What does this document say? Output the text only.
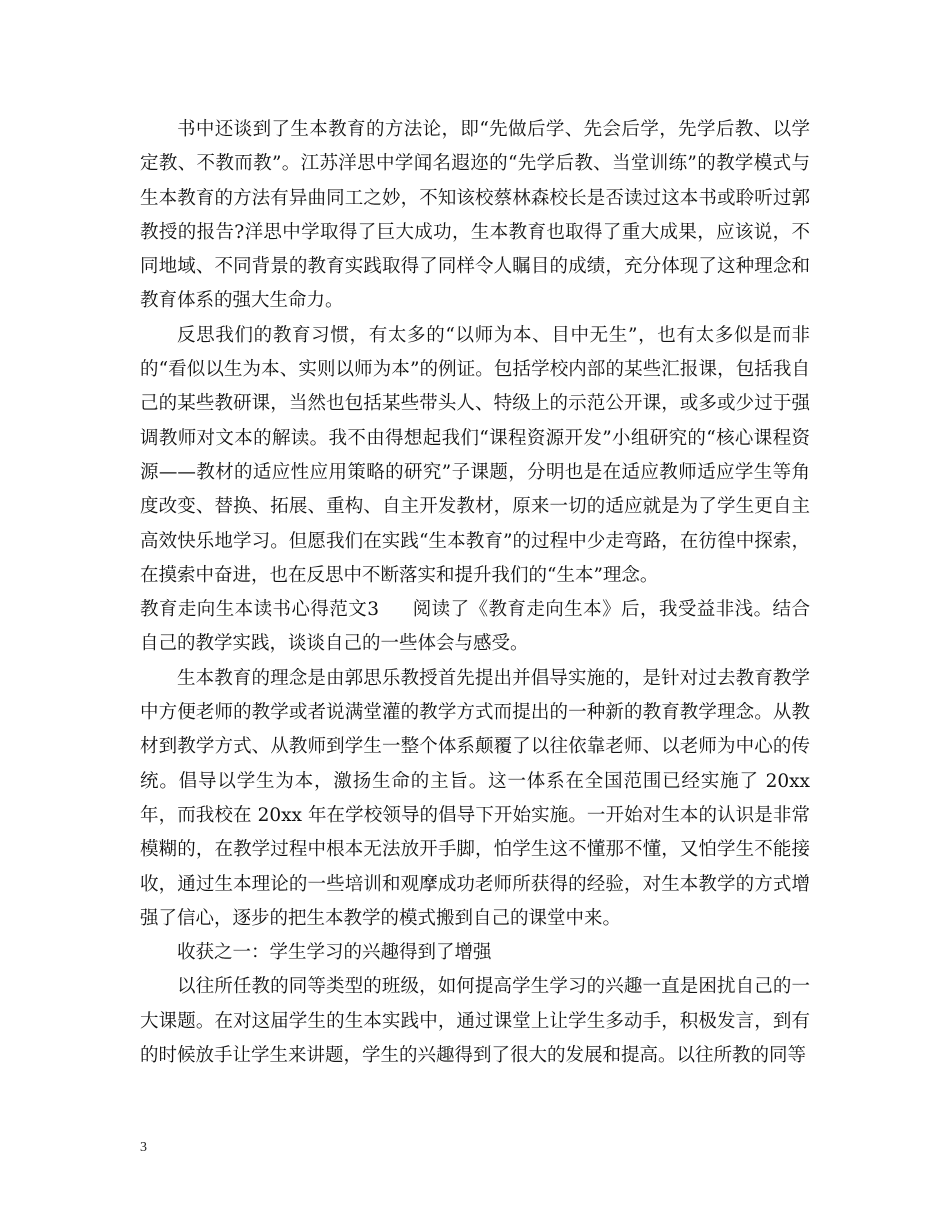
书中还谈到了生本教育的方法论，即“先做后学、先会后学，先学后教、以学定教、不教而教”。江苏洋思中学闻名遐迩的“先学后教、当堂训练”的教学模式与生本教育的方法有异曲同工之妙，不知该校蔡林森校长是否读过这本书或聆听过郭教授的报告?洋思中学取得了巨大成功，生本教育也取得了重大成果，应该说，不同地域、不同背景的教育实践取得了同样令人瞩目的成绩，充分体现了这种理念和教育体系的强大生命力。

反思我们的教育习惯，有太多的“以师为本、目中无生”，也有太多似是而非的“看似以生为本、实则以师为本”的例证。包括学校内部的某些汇报课，包括我自己的某些教研课，当然也包括某些带头人、特级上的示范公开课，或多或少过于强调教师对文本的解读。我不由得想起我们“课程资源开发”小组研究的“核心课程资源——教材的适应性应用策略的研究”子课题，分明也是在适应教师适应学生等角度改变、替换、拓展、重构、自主开发教材，原来一切的适应就是为了学生更自主高效快乐地学习。但愿我们在实践“生本教育”的过程中少走弯路，在彷徨中探索，在摸索中奋进，也在反思中不断落实和提升我们的“生本”理念。

教育走向生本读书心得范文3 阅读了《教育走向生本》后，我受益非浅。结合自己的教学实践，谈谈自己的一些体会与感受。

生本教育的理念是由郭思乐教授首先提出并倡导实施的，是针对过去教育教学中方便老师的教学或者说满堂灌的教学方式而提出的一种新的教育教学理念。从教材到教学方式、从教师到学生一整个体系颠覆了以往依靠老师、以老师为中心的传统。倡导以学生为本，激扬生命的主旨。这一体系在全国范围已经实施了 20xx 年，而我校在 20xx 年在学校领导的倡导下开始实施。一开始对生本的认识是非常模糊的，在教学过程中根本无法放开手脚，怕学生这不懂那不懂，又怕学生不能接收，通过生本理论的一些培训和观摩成功老师所获得的经验，对生本教学的方式增强了信心，逐步的把生本教学的模式搬到自己的课堂中来。

收获之一：学生学习的兴趣得到了增强

以往所任教的同等类型的班级，如何提高学生学习的兴趣一直是困扰自己的一大课题。在对这届学生的生本实践中，通过课堂上让学生多动手，积极发言，到有的时候放手让学生来讲题，学生的兴趣得到了很大的发展和提高。以往所教的同等

3
